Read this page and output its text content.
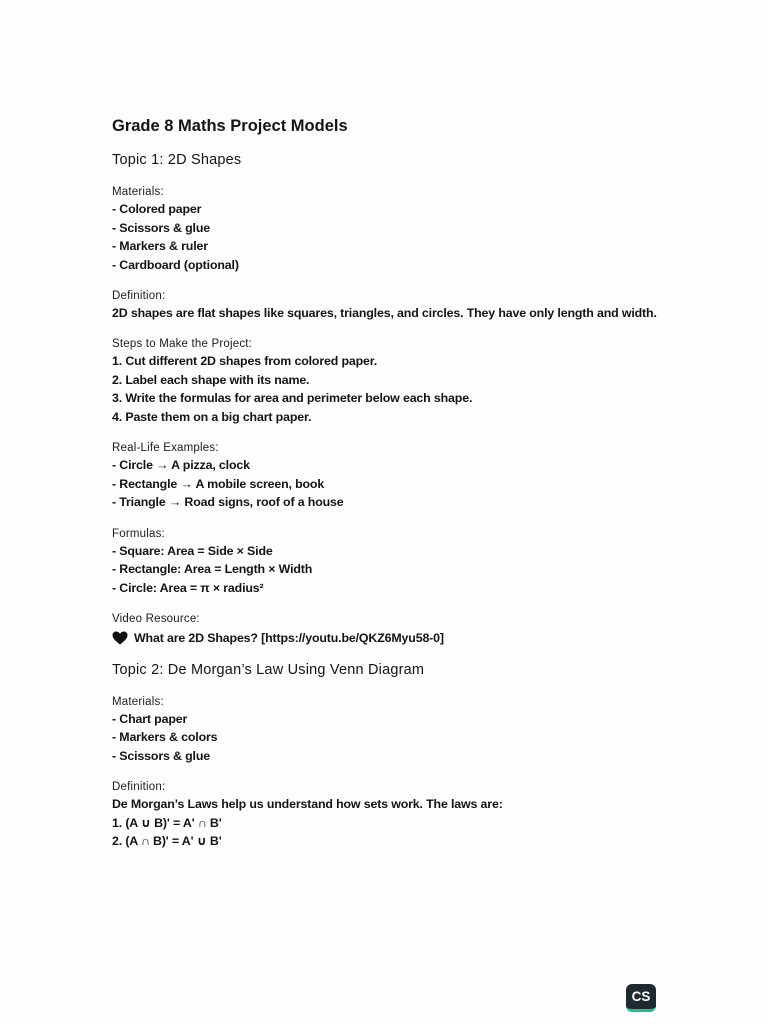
Grade 8 Maths Project Models
Topic 1: 2D Shapes
Materials:
- Colored paper
- Scissors & glue
- Markers & ruler
- Cardboard (optional)
Definition:
2D shapes are flat shapes like squares, triangles, and circles. They have only length and width.
Steps to Make the Project:
1. Cut different 2D shapes from colored paper.
2. Label each shape with its name.
3. Write the formulas for area and perimeter below each shape.
4. Paste them on a big chart paper.
Real-Life Examples:
- Circle → A pizza, clock
- Rectangle → A mobile screen, book
- Triangle → Road signs, roof of a house
Formulas:
- Square: Area = Side × Side
- Rectangle: Area = Length × Width
- Circle: Area = π × radius²
Video Resource:
What are 2D Shapes? [https://youtu.be/QKZ6Myu58-0]
Topic 2: De Morgan’s Law Using Venn Diagram
Materials:
- Chart paper
- Markers & colors
- Scissors & glue
Definition:
De Morgan’s Laws help us understand how sets work. The laws are:
1. (A ∪ B)' = A' ∩ B'
2. (A ∩ B)' = A' ∪ B'
CS
